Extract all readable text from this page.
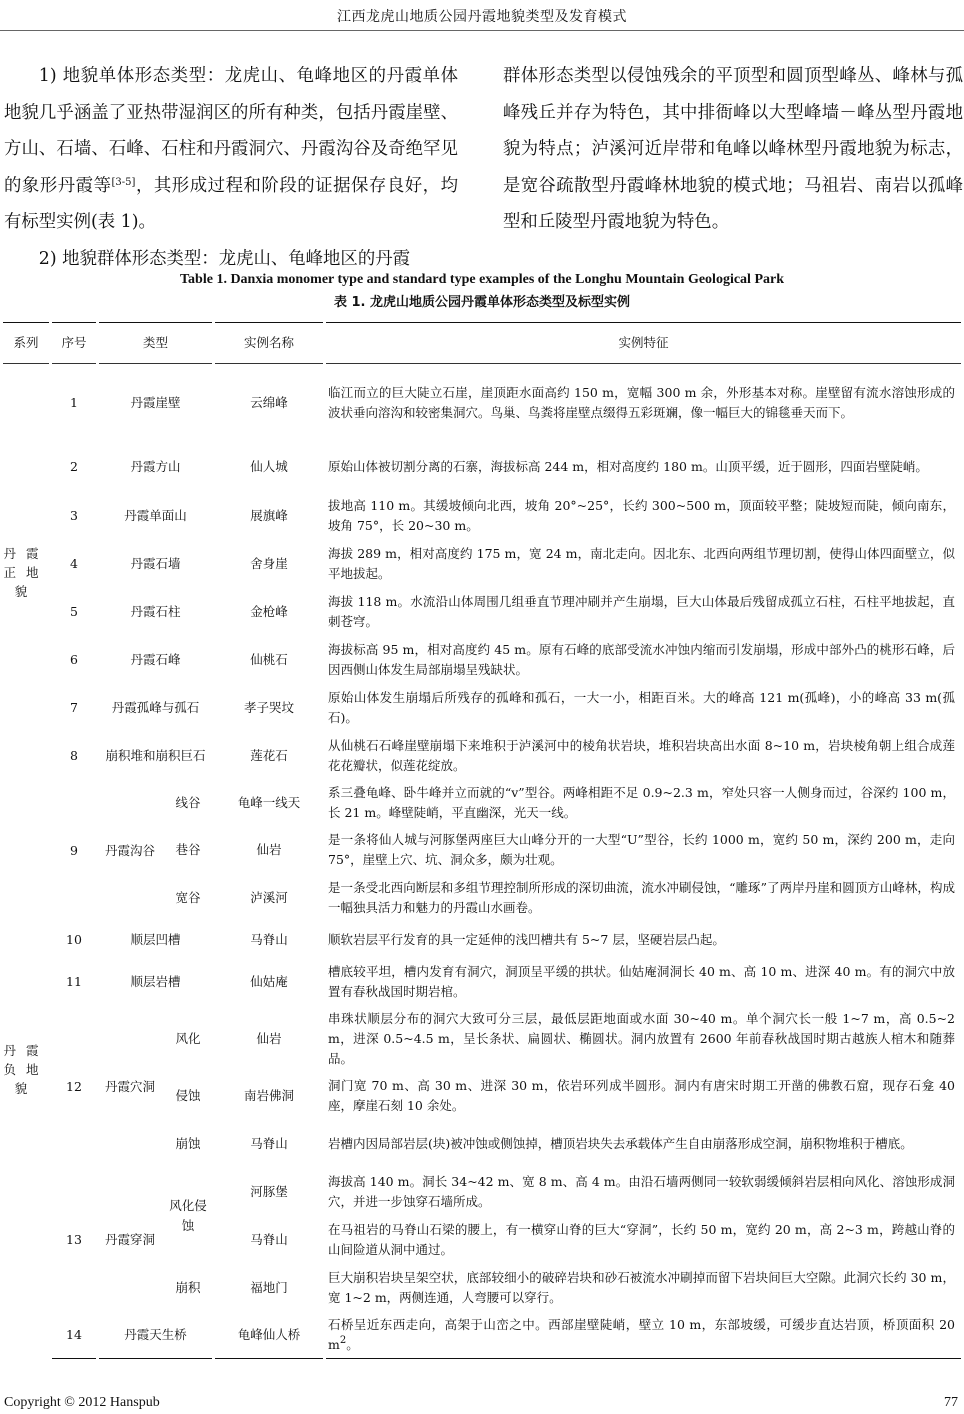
江西龙虎山地质公园丹霞地貌类型及发育模式

1) 地貌单体形态类型：龙虎山、龟峰地区的丹霞单体地貌几乎涵盖了亚热带湿润区的所有种类，包括丹霞崖壁、方山、石墙、石峰、石柱和丹霞洞穴、丹霞沟谷及奇绝罕见的象形丹霞等[3-5]，其形成过程和阶段的证据保存良好，均有标型实例(表 1)。

2) 地貌群体形态类型：龙虎山、龟峰地区的丹霞

群体形态类型以侵蚀残余的平顶型和圆顶型峰丛、峰林与孤峰残丘并存为特色，其中排衙峰以大型峰墙－峰丛型丹霞地貌为特点；泸溪河近岸带和龟峰以峰林型丹霞地貌为标志，是宽谷疏散型丹霞峰林地貌的模式地；马祖岩、南岩以孤峰型和丘陵型丹霞地貌为特色。

Table 1. Danxia monomer type and standard type examples of the Longhu Mountain Geological Park
表 1. 龙虎山地质公园丹霞单体形态类型及标型实例
系列	序号	类型		实例名称	实例特征
丹霞正地貌	1	丹霞崖壁		云绵峰	临江而立的巨大陡立石崖，崖顶距水面高约 150 m，宽幅 300 m 余，外形基本对称。崖壁留有流水溶蚀形成的波状垂向溶沟和较密集洞穴。鸟巢、鸟粪将崖壁点缀得五彩斑斓，像一幅巨大的锦毯垂天而下。
	2	丹霞方山		仙人城	原始山体被切割分离的石寨，海拔标高 244 m，相对高度约 180 m。山顶平缓，近于圆形，四面岩壁陡峭。
	3	丹霞单面山		展旗峰	拔地高 110 m。其缓坡倾向北西，坡角 20°~25°，长约 300~500 m，顶面较平整；陡坡短而陡，倾向南东，坡角 75°，长 20~30 m。
	4	丹霞石墙		舍身崖	海拔 289 m，相对高度约 175 m，宽 24 m，南北走向。因北东、北西向两组节理切割，使得山体四面壁立，似平地拔起。
	5	丹霞石柱		金枪峰	海拔 118 m。水流沿山体周围几组垂直节理冲刷并产生崩塌，巨大山体最后残留成孤立石柱，石柱平地拔起，直刺苍穹。
	6	丹霞石峰		仙桃石	海拔标高 95 m，相对高度约 45 m。原有石峰的底部受流水冲蚀内缩而引发崩塌，形成中部外凸的桃形石峰，后因西侧山体发生局部崩塌呈残缺状。
	7	丹霞孤峰与孤石		孝子哭坟	原始山体发生崩塌后所残存的孤峰和孤石，一大一小，相距百米。大的峰高 121 m(孤峰)，小的峰高 33 m(孤石)。
	8	崩积堆和崩积巨石		莲花石	从仙桃石石峰崖壁崩塌下来堆积于泸溪河中的棱角状岩块，堆积岩块高出水面 8~10 m，岩块棱角朝上组合成莲花花瓣状，似莲花绽放。
丹霞负地貌	9	丹霞沟谷	线谷	龟峰一线天	系三叠龟峰、卧牛峰并立而就的“v”型谷。两峰相距不足 0.9~2.3 m，窄处只容一人侧身而过，谷深约 100 m，长 21 m。峰壁陡峭，平直幽深，光天一线。
			巷谷	仙岩	是一条将仙人城与河豚堡两座巨大山峰分开的一大型“U”型谷，长约 1000 m，宽约 50 m，深约 200 m，走向 75°，崖壁上穴、坑、洞众多，颇为壮观。
			宽谷	泸溪河	是一条受北西向断层和多组节理控制所形成的深切曲流，流水冲刷侵蚀，“雕琢”了两岸丹崖和圆顶方山峰林，构成一幅独具活力和魅力的丹霞山水画卷。
	10	顺层凹槽		马脊山	顺软岩层平行发育的具一定延伸的浅凹槽共有 5~7 层，坚硬岩层凸起。
	11	顺层岩槽		仙姑庵	槽底较平坦，槽内发育有洞穴，洞顶呈平缓的拱状。仙姑庵洞洞长 40 m、高 10 m、进深 40 m。有的洞穴中放置有春秋战国时期岩棺。
	12	丹霞穴洞	风化	仙岩	串珠状顺层分布的洞穴大致可分三层，最低层距地面或水面 30~40 m。单个洞穴长一般 1~7 m，高 0.5~2 m，进深 0.5~4.5 m，呈长条状、扁圆状、椭圆状。洞内放置有 2600 年前春秋战国时期古越族人棺木和随葬品。
			侵蚀	南岩佛洞	洞门宽 70 m、高 30 m、进深 30 m，依岩环列成半圆形。洞内有唐宋时期工开凿的佛教石窟，现存石龛 40 座，摩崖石刻 10 余处。
			崩蚀	马脊山	岩槽内因局部岩层(块)被冲蚀或侧蚀掉，槽顶岩块失去承载体产生自由崩落形成空洞，崩积物堆积于槽底。
	13	丹霞穿洞	风化侵蚀	河豚堡	海拔高 140 m。洞长 34~42 m、宽 8 m、高 4 m。由沿石墙两侧同一较软弱缓倾斜岩层相向风化、溶蚀形成洞穴，并进一步蚀穿石墙所成。
				马脊山	在马祖岩的马脊山石梁的腰上，有一横穿山脊的巨大“穿洞”，长约 50 m，宽约 20 m，高 2~3 m，跨越山脊的山间险道从洞中通过。
			崩积	福地门	巨大崩积岩块呈架空状，底部较细小的破碎岩块和砂石被流水冲刷掉而留下岩块间巨大空隙。此洞穴长约 30 m，宽 1~2 m，两侧连通，人弯腰可以穿行。
	14	丹霞天生桥		龟峰仙人桥	石桥呈近东西走向，高架于山峦之中。西部崖壁陡峭，壁立 10 m，东部坡缓，可缓步直达岩顶，桥顶面积 20 $m^2$。
Copyright © 2012 Hanspub	77
